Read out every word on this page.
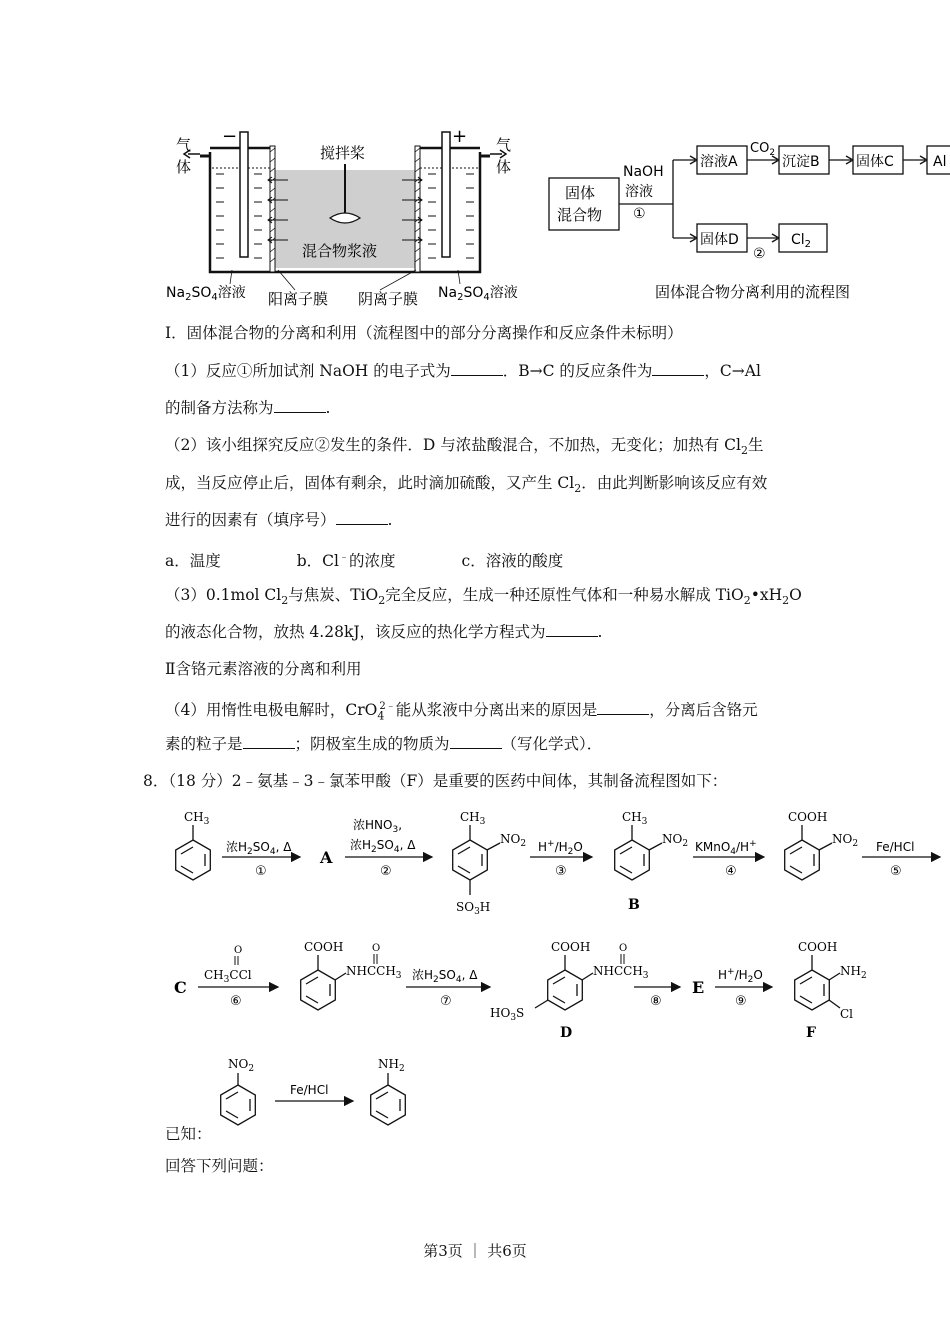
−	+
气体
气体
搅拌桨
混合物浆液
$Na_2SO_4$溶液	$Na_2SO_4$溶液
阳离子膜 阴离子膜
固体混合物
NaOH 溶液
①
溶液A
$CO_2$
沉淀B	固体C	Al
固体D
②
$Cl_2$
固体混合物分离利用的流程图
Ⅰ．固体混合物的分离和利用（流程图中的部分分离操作和反应条件未标明）
（1）反应①所加试剂 NaOH 的电子式为	．B→C 的反应条件为	，C→Al
的制备方法称为	.
（2）该小组探究反应②发生的条件．D 与浓盐酸混合，不加热，无变化；加热有 $Cl_2$生
成，当反应停止后，固体有剩余，此时滴加硫酸，又产生 $Cl_2$．由此判断影响该反应有效
进行的因素有（填序号）	.
a．温度	b．Cl﹣的浓度	c．溶液的酸度
（3）0.1mol $Cl_2$与焦炭、TiO$_2$完全反应，生成一种还原性气体和一种易水解成 $TiO_2•xH_2O$
的液态化合物，放热 4.28kJ，该反应的热化学方程式为	.
Ⅱ含铬元素溶液的分离和利用
（4）用惰性电极电解时，CrO$_4^{2﹣}$能从浆液中分离出来的原因是	，分离后含铬元
素的粒子是	；阴极室生成的物质为	（写化学式）．
8．（18 分）2﹣氨基﹣3﹣氯苯甲酸（F）是重要的医药中间体，其制备流程图如下：
$CH_3$
浓$H_2SO_4$, Δ
①
A
浓$HNO_3$,
浓$H_2SO_4$, Δ
②
$CH_3$
$NO_2$
$SO_3H$
$H^+/H_2O$
③
$CH_3$
$NO_2$
B
KMnO$_4$/H+
④
COOH
$NO_2$ Fe/HCl
⑤
C
O
$CH_3CCl$
⑥
COOH
$NHCCH_3$
O
浓$H_2SO_4$, Δ
⑦
COOH
$NHCCH_3$
O
$HO_3S$
D
⑧
E
$H^+/H_2O$
⑨
COOH
$NH_2$
Cl
F
$NO_2$
Fe/HCl
$NH_2$
已知：
回答下列问题：
第3页 ｜ 共6页
